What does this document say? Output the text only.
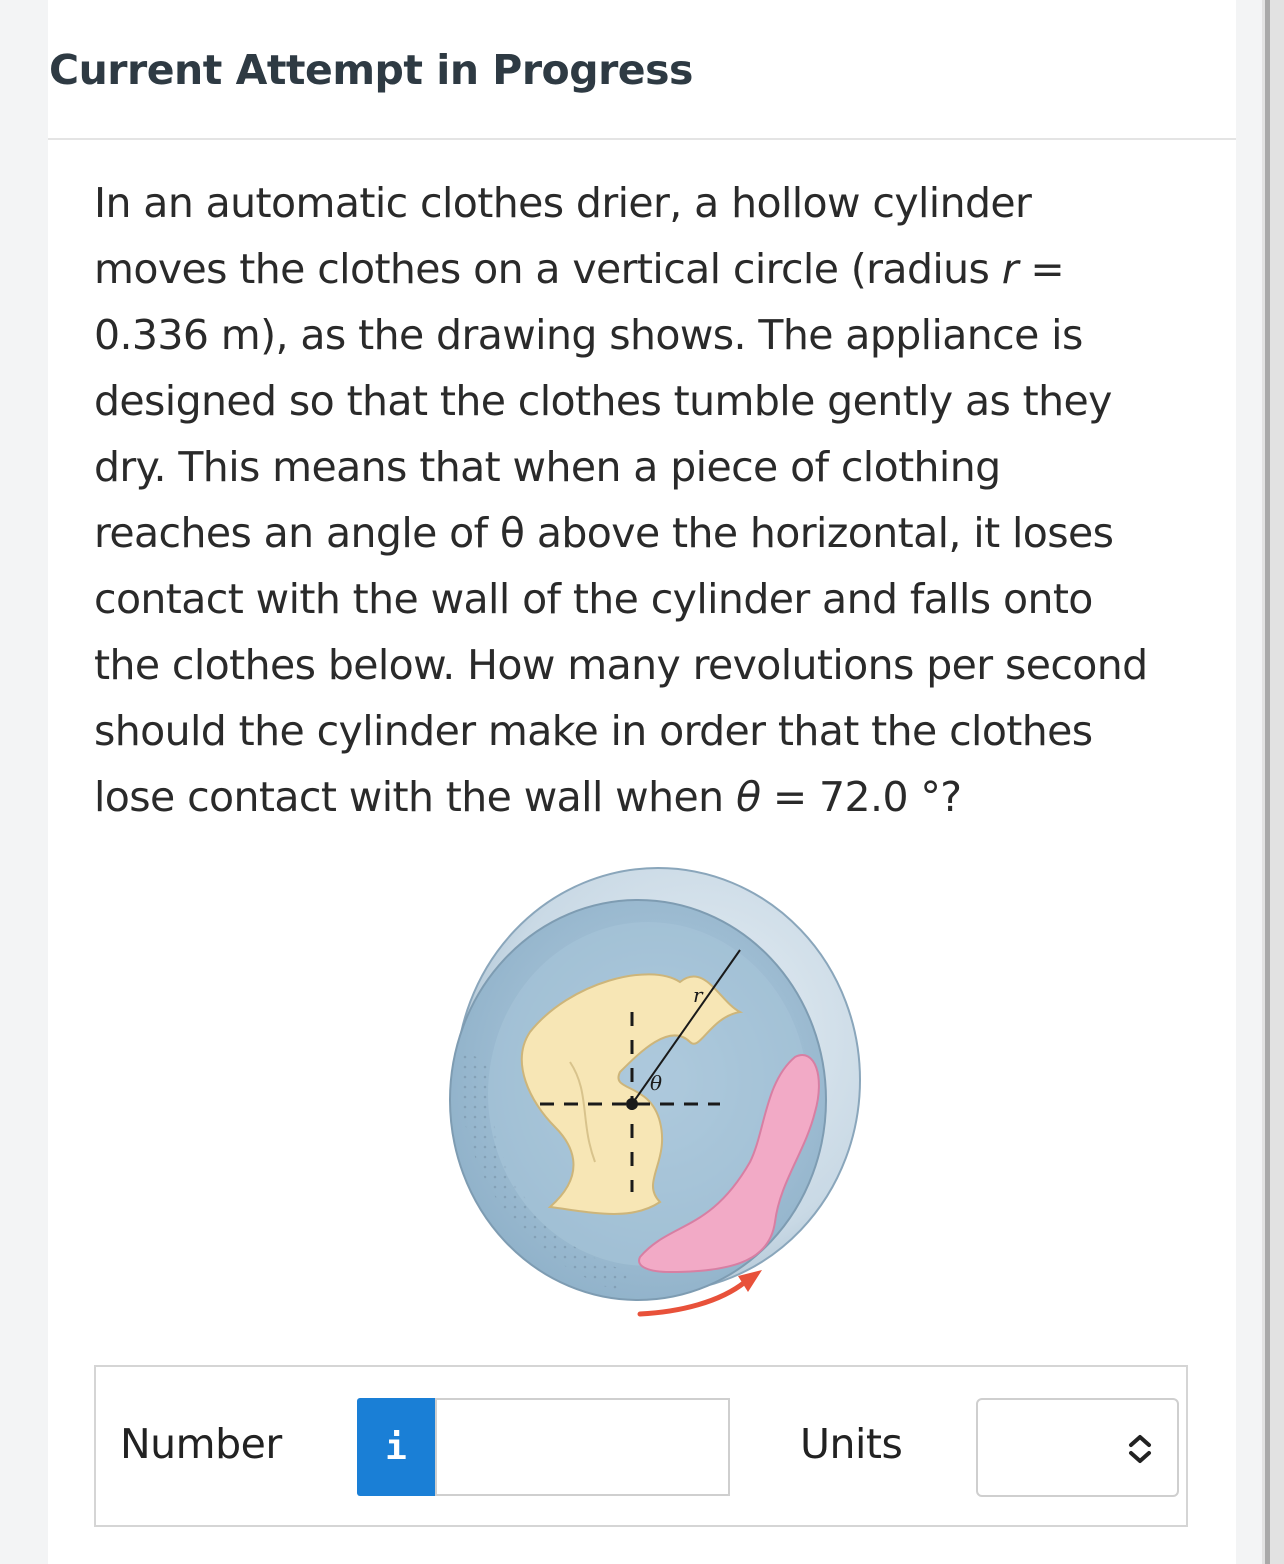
Current Attempt in Progress
In an automatic clothes drier, a hollow cylinder
moves the clothes on a vertical circle (radius r =
0.336 m), as the drawing shows. The appliance is
designed so that the clothes tumble gently as they
dry. This means that when a piece of clothing
reaches an angle of θ above the horizontal, it loses
contact with the wall of the cylinder and falls onto
the clothes below. How many revolutions per second
should the cylinder make in order that the clothes
lose contact with the wall when θ = 72.0 °?
r
θ
Number	i	Units
